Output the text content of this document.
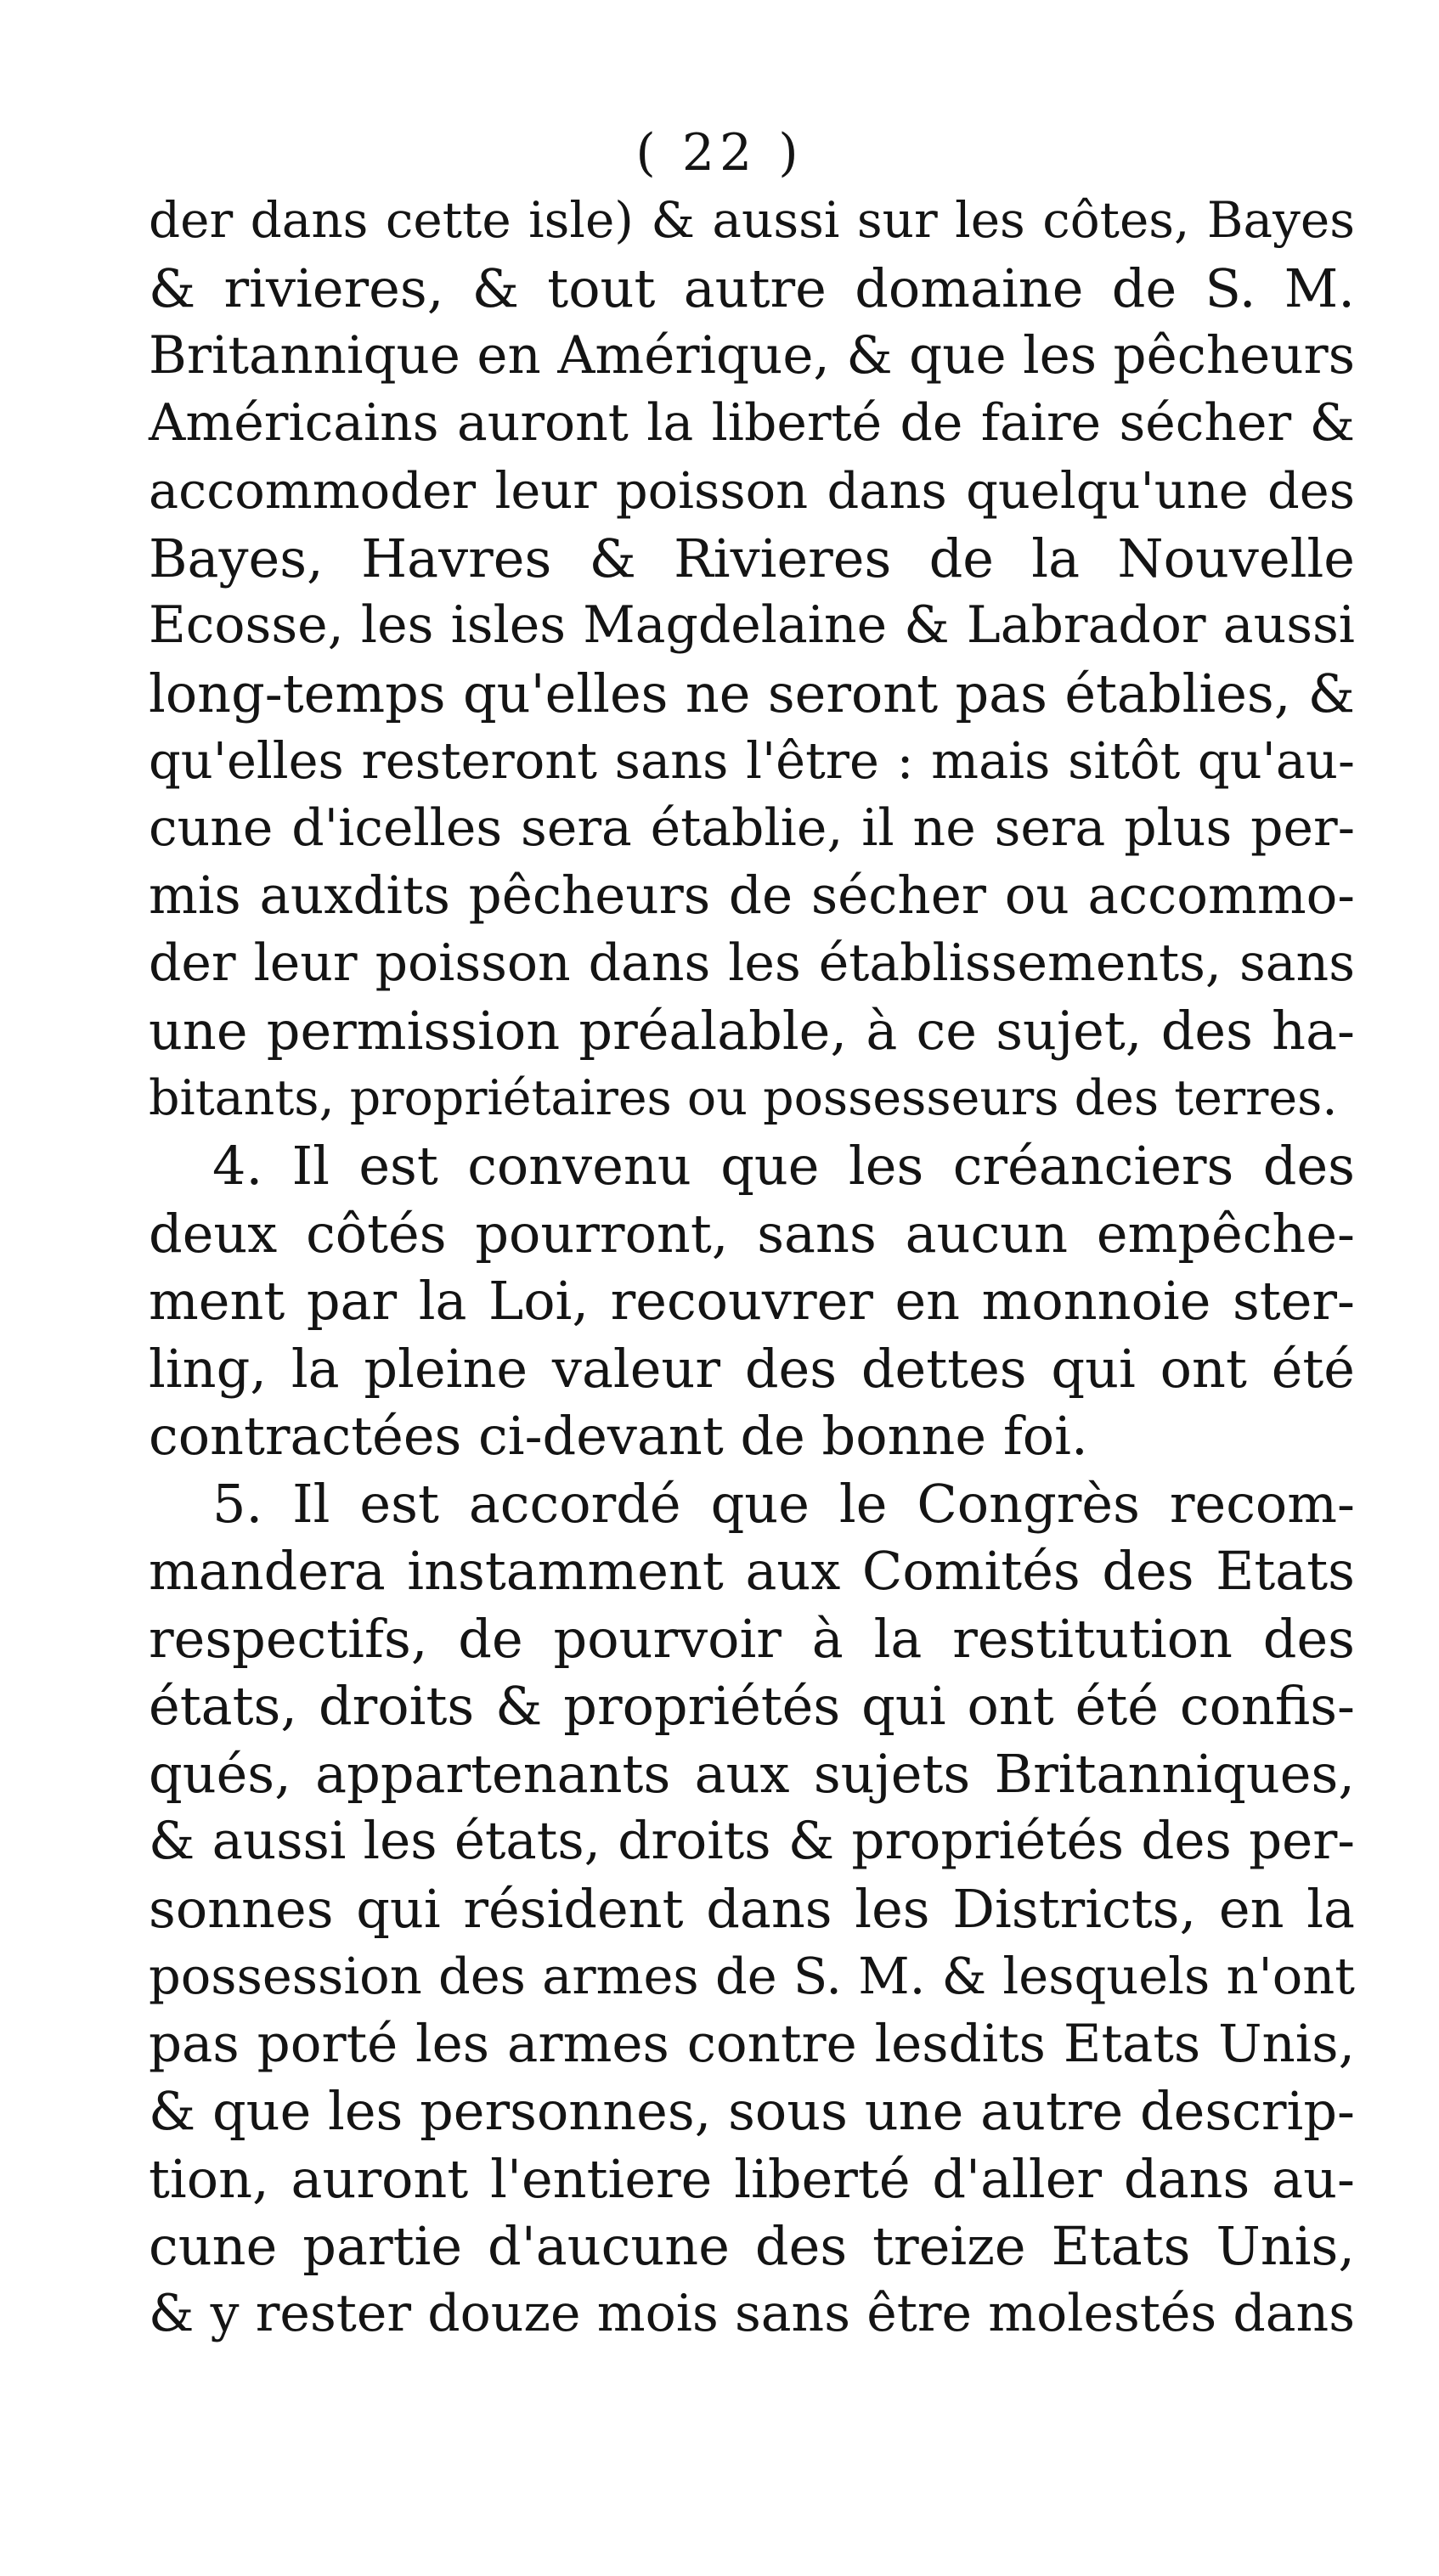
( 22 )
der dans cette isle) & aussi sur les côtes, Bayes
& rivieres, & tout autre domaine de S. M.
Britannique en Amérique, & que les pêcheurs
Américains auront la liberté de faire sécher &
accommoder leur poisson dans quelqu'une des
Bayes, Havres & Rivieres de la Nouvelle
Ecosse, les isles Magdelaine & Labrador aussi
long-temps qu'elles ne seront pas établies, &
qu'elles resteront sans l'être : mais sitôt qu'au-
cune d'icelles sera établie, il ne sera plus per-
mis auxdits pêcheurs de sécher ou accommo-
der leur poisson dans les établissements, sans
une permission préalable, à ce sujet, des ha-
bitants, propriétaires ou possesseurs des terres.
4. Il est convenu que les créanciers des
deux côtés pourront, sans aucun empêche-
ment par la Loi, recouvrer en monnoie ster-
ling, la pleine valeur des dettes qui ont été
contractées ci-devant de bonne foi.
5. Il est accordé que le Congrès recom-
mandera instamment aux Comités des Etats
respectifs, de pourvoir à la restitution des
états, droits & propriétés qui ont été confis-
qués, appartenants aux sujets Britanniques,
& aussi les états, droits & propriétés des per-
sonnes qui résident dans les Districts, en la
possession des armes de S. M. & lesquels n'ont
pas porté les armes contre lesdits Etats Unis,
& que les personnes, sous une autre descrip-
tion, auront l'entiere liberté d'aller dans au-
cune partie d'aucune des treize Etats Unis,
& y rester douze mois sans être molestés dans
